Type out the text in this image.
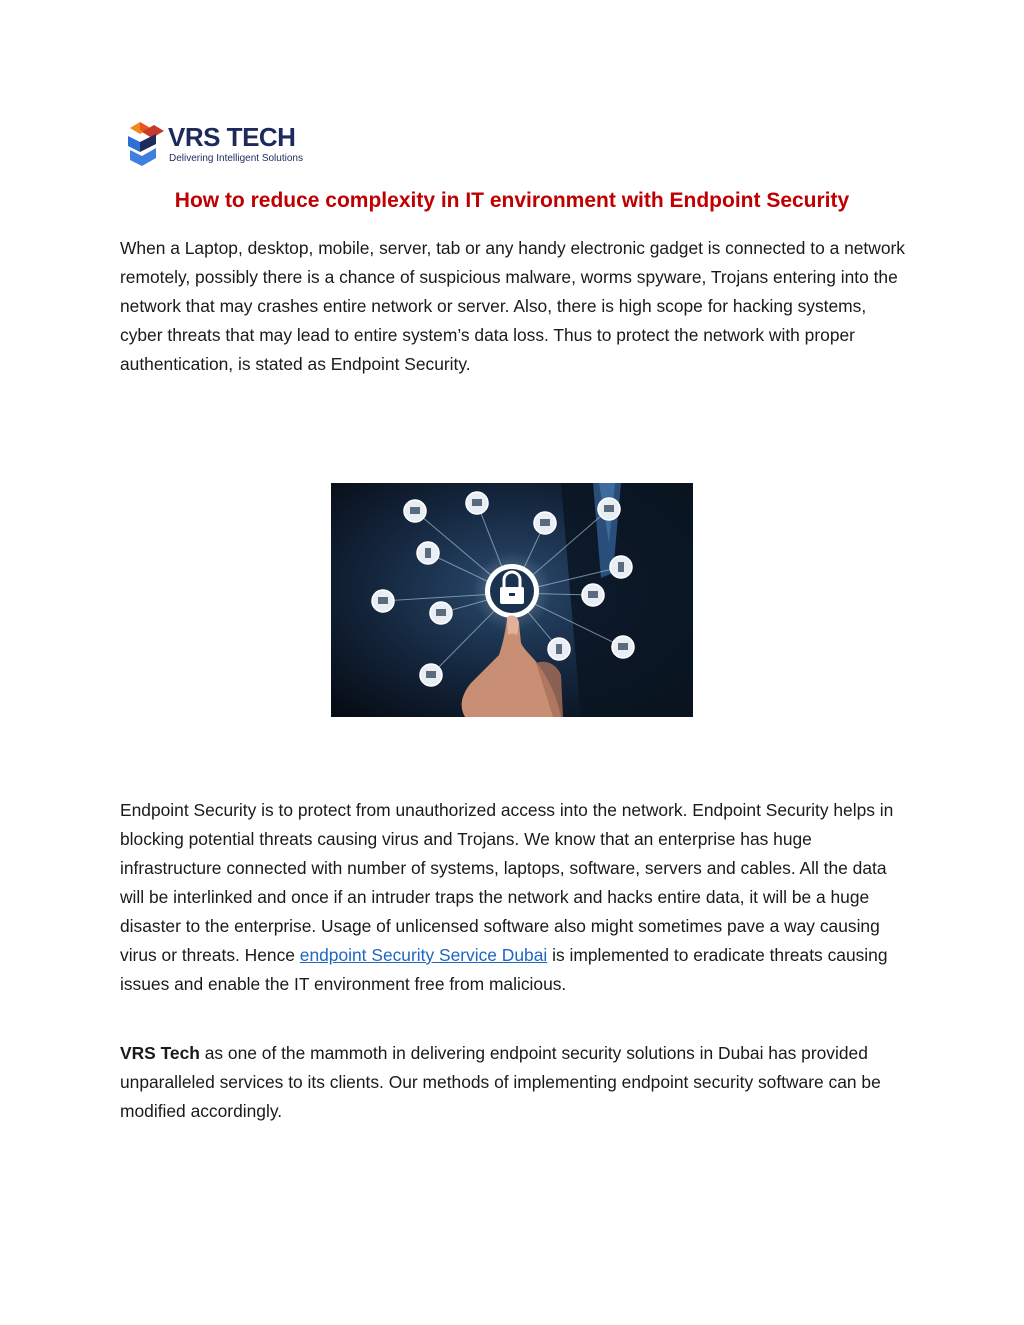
VRS TECH
Delivering Intelligent Solutions
How to reduce complexity in IT environment with Endpoint Security

When a Laptop, desktop, mobile, server, tab or any handy electronic gadget is connected to a network remotely, possibly there is a chance of suspicious malware, worms spyware, Trojans entering into the network that may crashes entire network or server. Also, there is high scope for hacking systems, cyber threats that may lead to entire system’s data loss. Thus to protect the network with proper authentication, is stated as Endpoint Security.

Endpoint Security is to protect from unauthorized access into the network. Endpoint Security helps in blocking potential threats causing virus and Trojans. We know that an enterprise has huge infrastructure connected with number of systems, laptops, software, servers and cables. All the data will be interlinked and once if an intruder traps the network and hacks entire data, it will be a huge disaster to the enterprise. Usage of unlicensed software also might sometimes pave a way causing virus or threats. Hence endpoint Security Service Dubai is implemented to eradicate threats causing issues and enable the IT environment free from malicious.

VRS Tech as one of the mammoth in delivering endpoint security solutions in Dubai has provided unparalleled services to its clients. Our methods of implementing endpoint security software can be modified accordingly.
